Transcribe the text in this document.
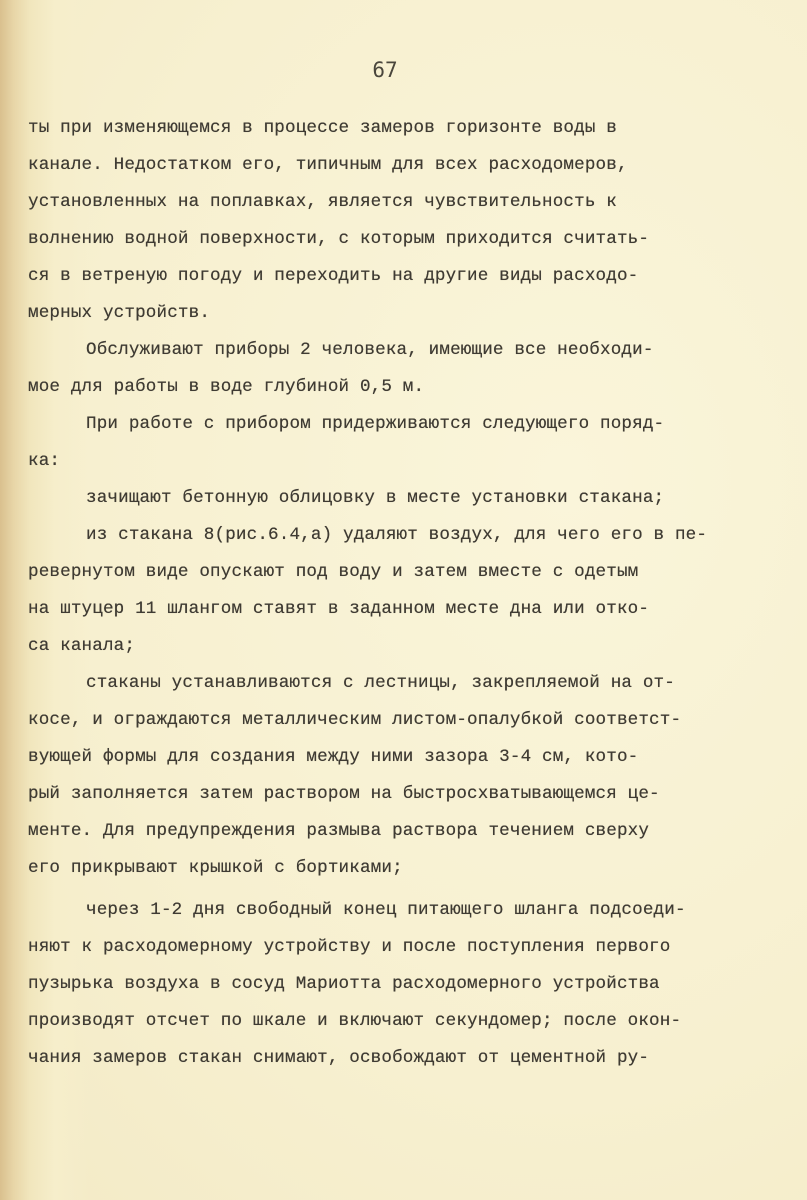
67
ты при изменяющемся в процессе замеров горизонте воды в
канале. Недостатком его, типичным для всех расходомеров,
установленных на поплавках, является чувствительность к
волнению водной поверхности, с которым приходится считать-
ся в ветреную погоду и переходить на другие виды расходо-
мерных устройств.
Обслуживают приборы 2 человека, имеющие все необходи-
мое для работы в воде глубиной 0,5 м.
При работе с прибором придерживаются следующего поряд-
ка:
зачищают бетонную облицовку в месте установки стакана;
из стакана 8(рис.6.4,а) удаляют воздух, для чего его в пе-
ревернутом виде опускают под воду и затем вместе с одетым
на штуцер 11 шлангом ставят в заданном месте дна или отко-
са канала;
стаканы устанавливаются с лестницы, закрепляемой на от-
косе, и ограждаются металлическим листом-опалубкой соответст-
вующей формы для создания между ними зазора 3-4 см, кото-
рый заполняется затем раствором на быстросхватывающемся це-
менте. Для предупреждения размыва раствора течением сверху
его прикрывают крышкой с бортиками;
через 1-2 дня свободный конец питающего шланга подсоеди-
няют к расходомерному устройству и после поступления первого
пузырька воздуха в сосуд Мариотта расходомерного устройства
производят отсчет по шкале и включают секундомер; после окон-
чания замеров стакан снимают, освобождают от цементной ру-
